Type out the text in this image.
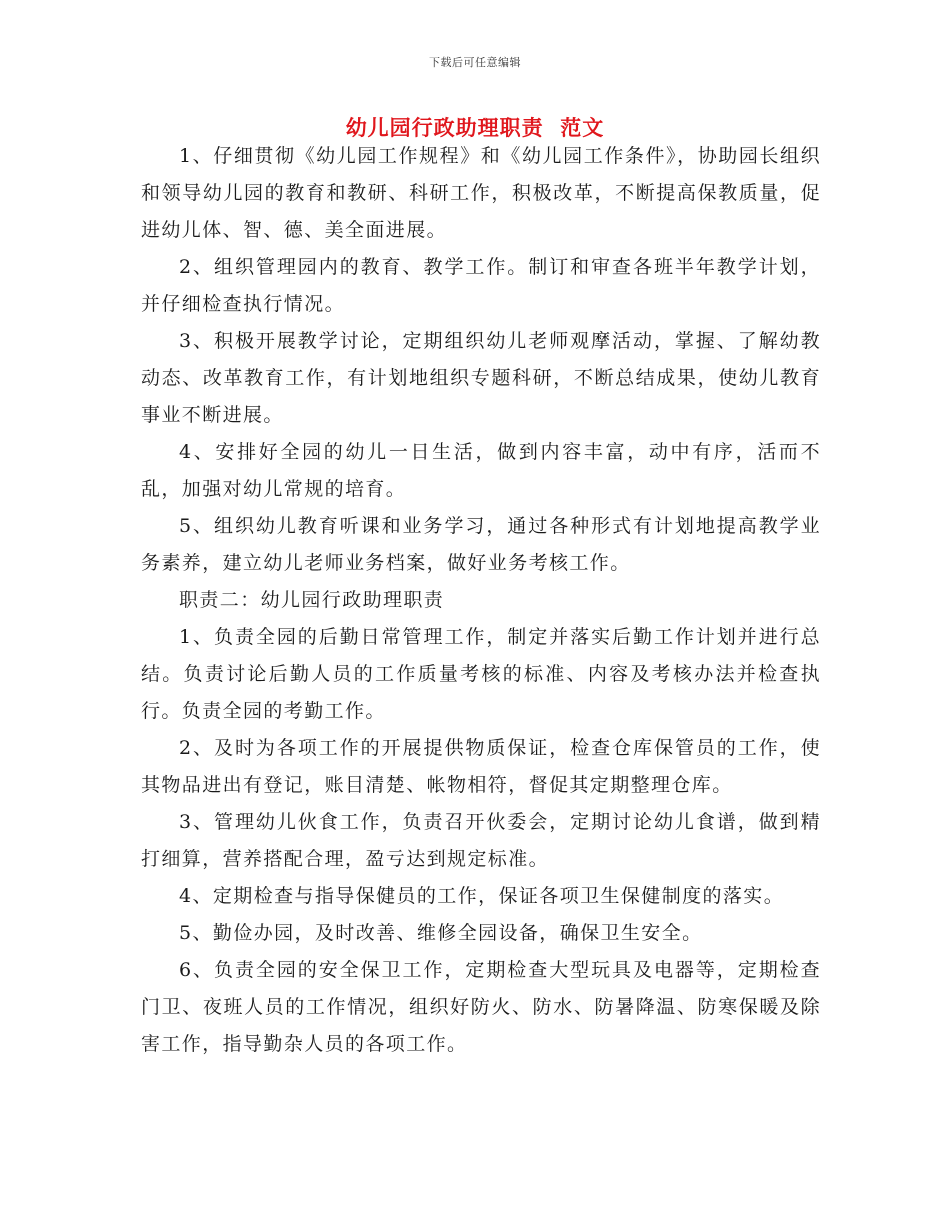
下载后可任意编辑
幼儿园行政助理职责  范文

1、仔细贯彻《幼儿园工作规程》和《幼儿园工作条件》，协助园长组织和领导幼儿园的教育和教研、科研工作，积极改革，不断提高保教质量，促进幼儿体、智、德、美全面进展。

2、组织管理园内的教育、教学工作。制订和审查各班半年教学计划，并仔细检查执行情况。

3、积极开展教学讨论，定期组织幼儿老师观摩活动，掌握、了解幼教动态、改革教育工作，有计划地组织专题科研，不断总结成果，使幼儿教育事业不断进展。

4、安排好全园的幼儿一日生活，做到内容丰富，动中有序，活而不乱，加强对幼儿常规的培育。

5、组织幼儿教育听课和业务学习，通过各种形式有计划地提高教学业务素养，建立幼儿老师业务档案，做好业务考核工作。

职责二：幼儿园行政助理职责

1、负责全园的后勤日常管理工作，制定并落实后勤工作计划并进行总结。负责讨论后勤人员的工作质量考核的标准、内容及考核办法并检查执行。负责全园的考勤工作。

2、及时为各项工作的开展提供物质保证，检查仓库保管员的工作，使其物品进出有登记，账目清楚、帐物相符，督促其定期整理仓库。

3、管理幼儿伙食工作，负责召开伙委会，定期讨论幼儿食谱，做到精打细算，营养搭配合理，盈亏达到规定标准。

4、定期检查与指导保健员的工作，保证各项卫生保健制度的落实。

5、勤俭办园，及时改善、维修全园设备，确保卫生安全。

6、负责全园的安全保卫工作，定期检查大型玩具及电器等，定期检查门卫、夜班人员的工作情况，组织好防火、防水、防暑降温、防寒保暖及除害工作，指导勤杂人员的各项工作。
